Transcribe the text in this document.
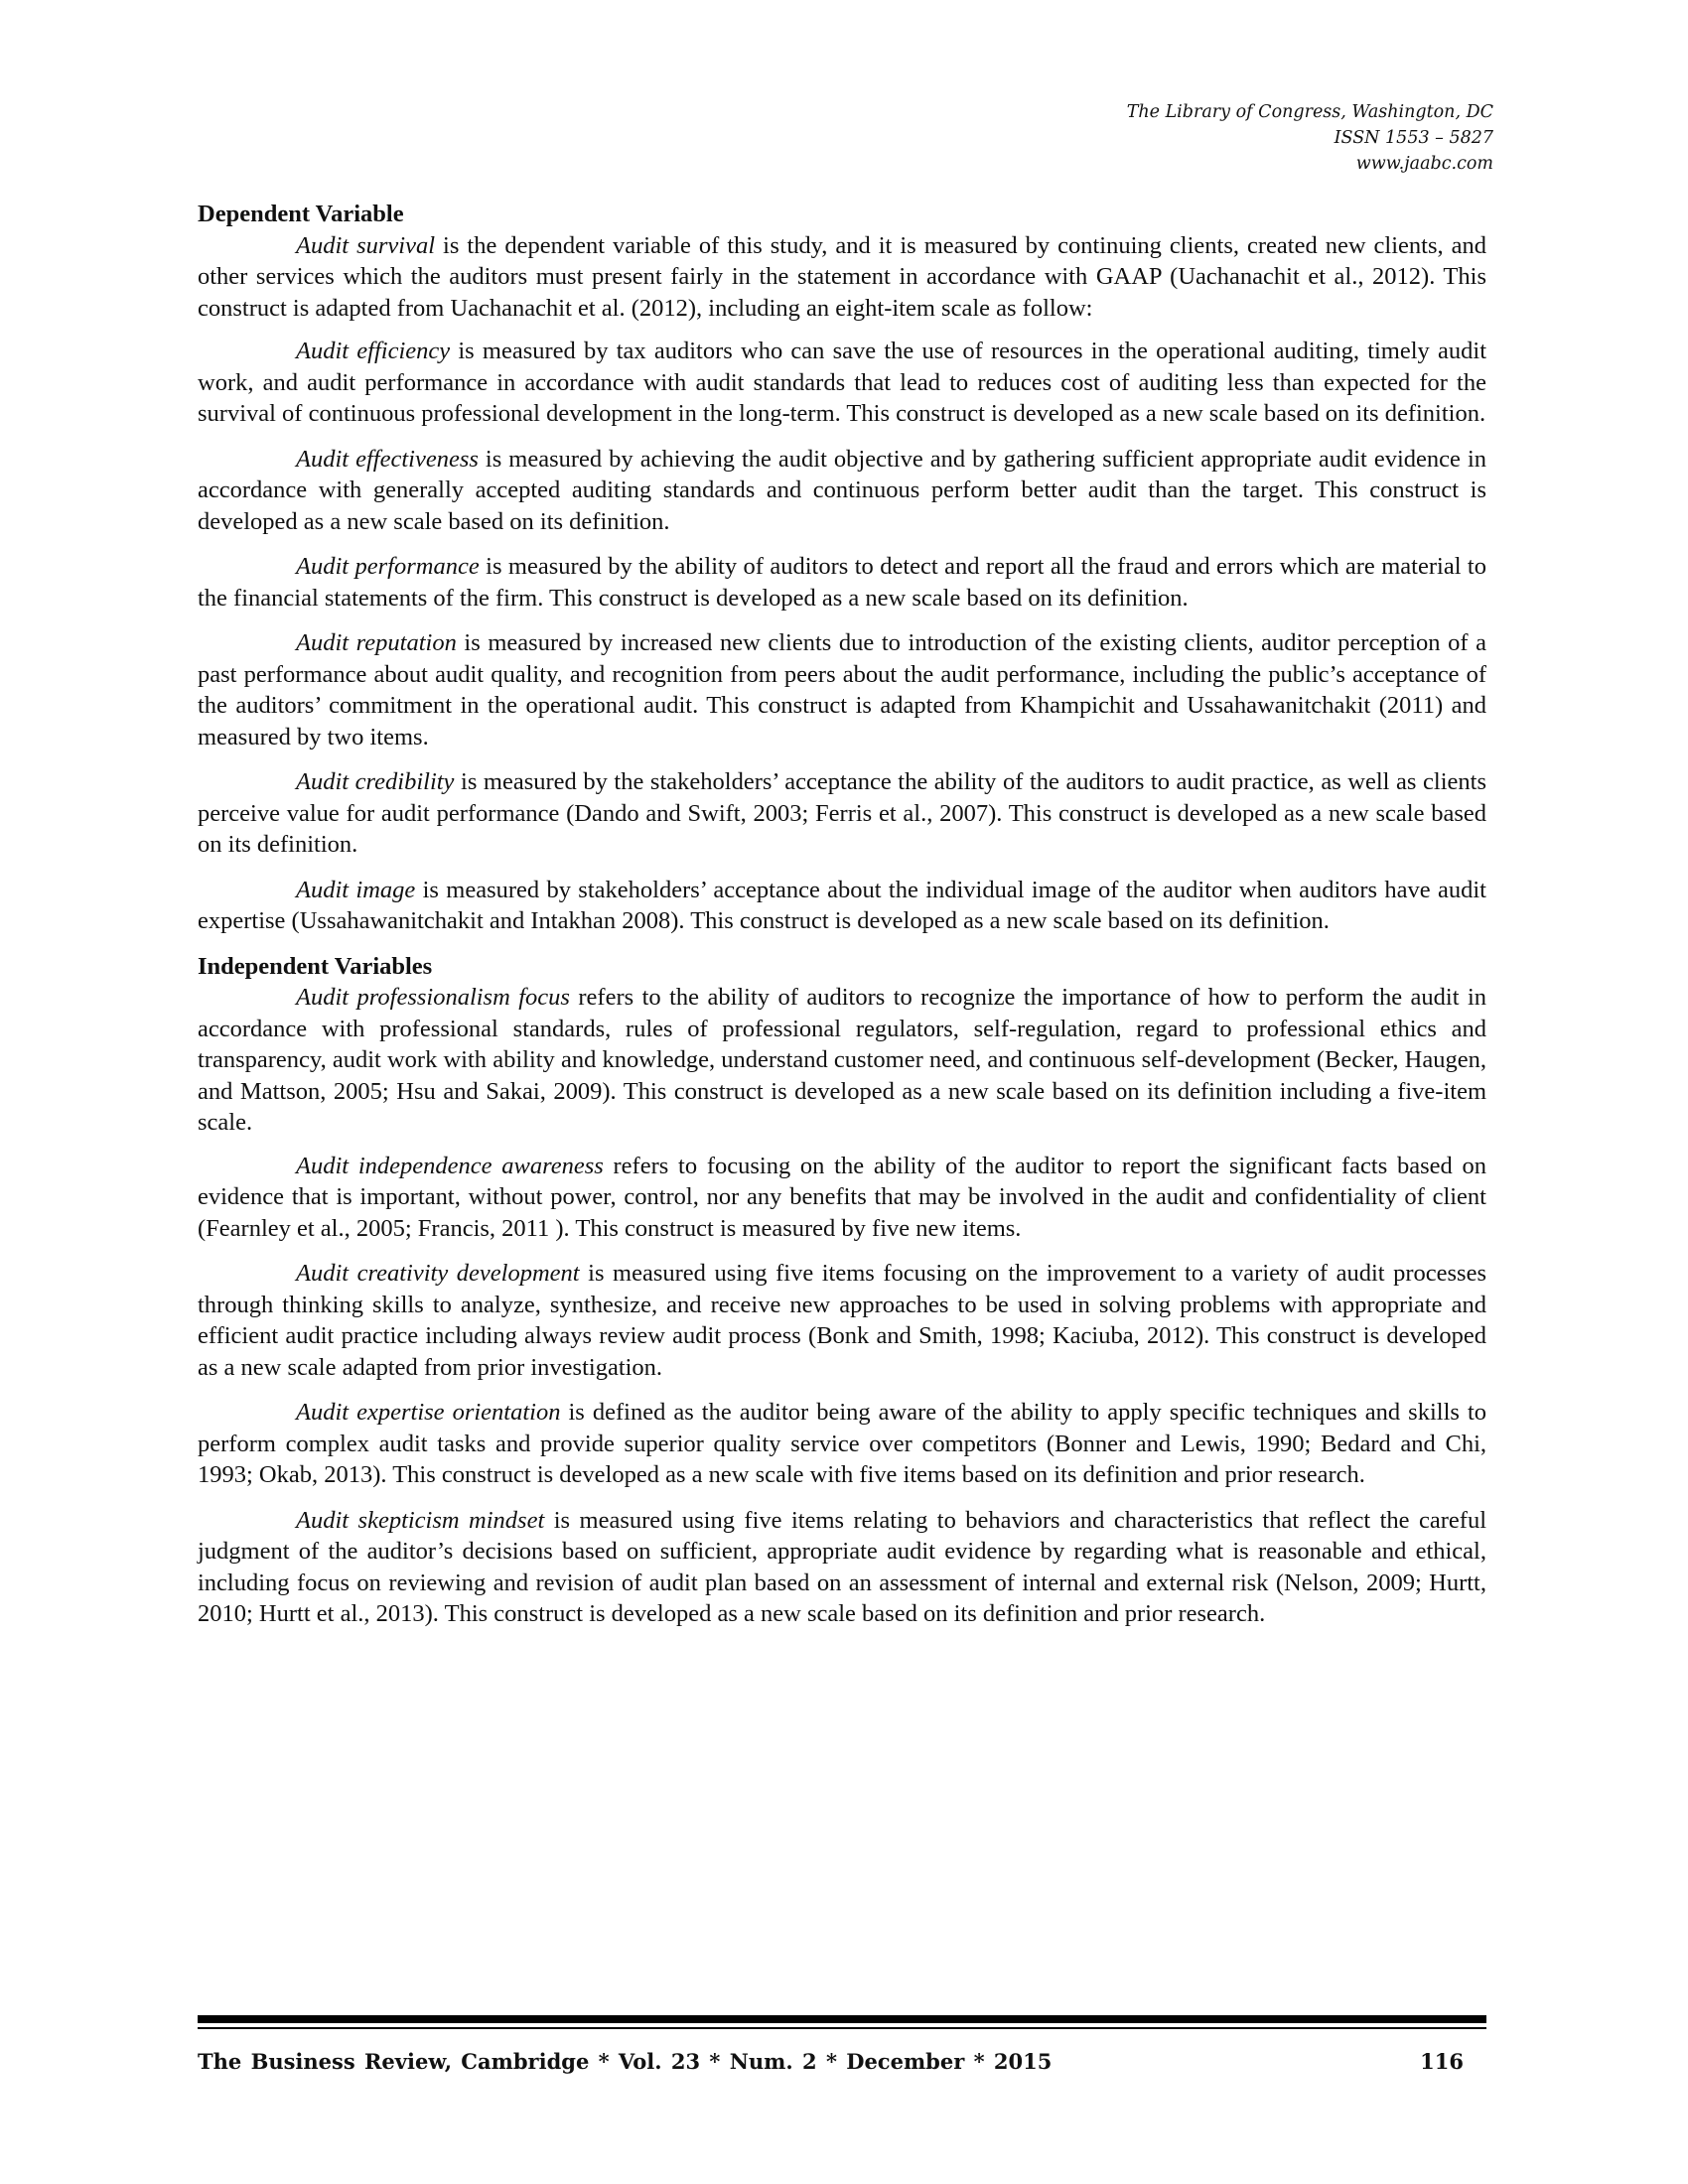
The Library of Congress, Washington, DC
ISSN 1553 – 5827
www.jaabc.com
Dependent Variable

Audit survival is the dependent variable of this study, and it is measured by continuing clients, created new clients, and other services which the auditors must present fairly in the statement in accordance with GAAP (Uachanachit et al., 2012). This construct is adapted from Uachanachit et al. (2012), including an eight-item scale as follow:

Audit efficiency is measured by tax auditors who can save the use of resources in the operational auditing, timely audit work, and audit performance in accordance with audit standards that lead to reduces cost of auditing less than expected for the survival of continuous professional development in the long-term. This construct is developed as a new scale based on its definition.

Audit effectiveness is measured by achieving the audit objective and by gathering sufficient appropriate audit evidence in accordance with generally accepted auditing standards and continuous perform better audit than the target. This construct is developed as a new scale based on its definition.

Audit performance is measured by the ability of auditors to detect and report all the fraud and errors which are material to the financial statements of the firm. This construct is developed as a new scale based on its definition.

Audit reputation is measured by increased new clients due to introduction of the existing clients, auditor perception of a past performance about audit quality, and recognition from peers about the audit performance, including the public’s acceptance of the auditors’ commitment in the operational audit. This construct is adapted from Khampichit and Ussahawanitchakit (2011) and measured by two items.

Audit credibility is measured by the stakeholders’ acceptance the ability of the auditors to audit practice, as well as clients perceive value for audit performance (Dando and Swift, 2003; Ferris et al., 2007). This construct is developed as a new scale based on its definition.

Audit image is measured by stakeholders’ acceptance about the individual image of the auditor when auditors have audit expertise (Ussahawanitchakit and Intakhan 2008). This construct is developed as a new scale based on its definition.

Independent Variables

Audit professionalism focus refers to the ability of auditors to recognize the importance of how to perform the audit in accordance with professional standards, rules of professional regulators, self-regulation, regard to professional ethics and transparency, audit work with ability and knowledge, understand customer need, and continuous self-development (Becker, Haugen, and Mattson, 2005; Hsu and Sakai, 2009). This construct is developed as a new scale based on its definition including a five-item scale.

Audit independence awareness refers to focusing on the ability of the auditor to report the significant facts based on evidence that is important, without power, control, nor any benefits that may be involved in the audit and confidentiality of client (Fearnley et al., 2005; Francis, 2011 ). This construct is measured by five new items.

Audit creativity development is measured using five items focusing on the improvement to a variety of audit processes through thinking skills to analyze, synthesize, and receive new approaches to be used in solving problems with appropriate and efficient audit practice including always review audit process (Bonk and Smith, 1998; Kaciuba, 2012). This construct is developed as a new scale adapted from prior investigation.

Audit expertise orientation is defined as the auditor being aware of the ability to apply specific techniques and skills to perform complex audit tasks and provide superior quality service over competitors (Bonner and Lewis, 1990; Bedard and Chi, 1993; Okab, 2013). This construct is developed as a new scale with five items based on its definition and prior research.

Audit skepticism mindset is measured using five items relating to behaviors and characteristics that reflect the careful judgment of the auditor’s decisions based on sufficient, appropriate audit evidence by regarding what is reasonable and ethical, including focus on reviewing and revision of audit plan based on an assessment of internal and external risk (Nelson, 2009; Hurtt, 2010; Hurtt et al., 2013). This construct is developed as a new scale based on its definition and prior research.

The Business Review, Cambridge * Vol. 23 * Num. 2 * December * 2015	116
